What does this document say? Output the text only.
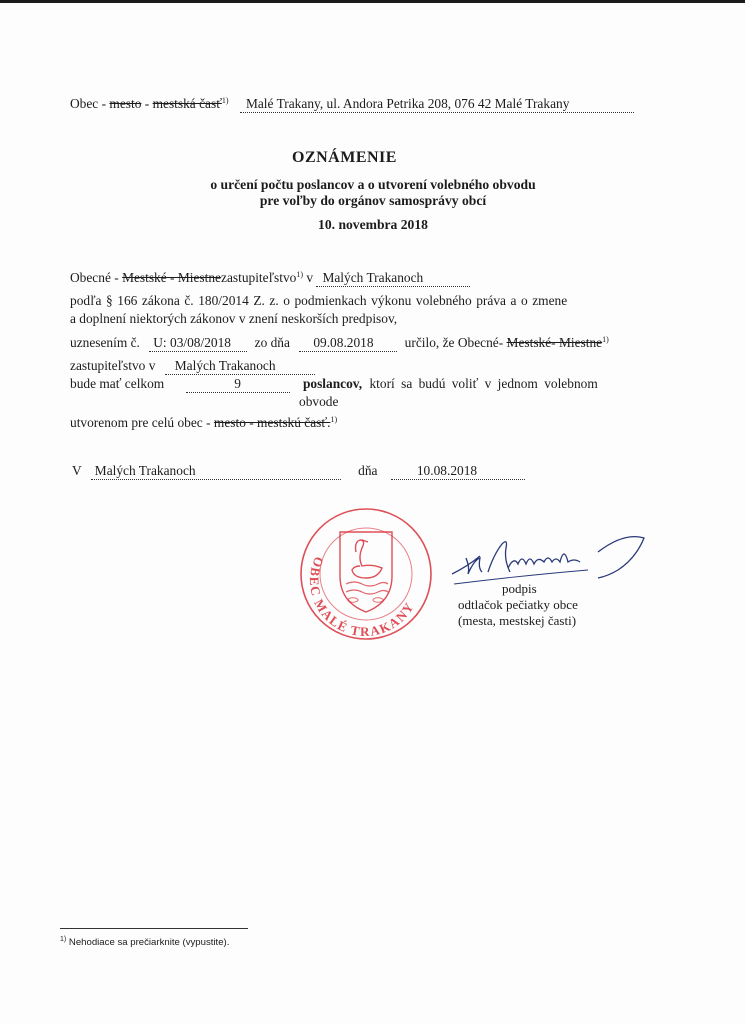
Obec - mesto - mestská časť$^{1)}$ Malé Trakany, ul. Andora Petrika 208, 076 42 Malé Trakany
OZNÁMENIE
o určení počtu poslancov a o utvorení volebného obvodu
pre voľby do orgánov samosprávy obcí
10. novembra 2018
Obecné - Mestské - Miestnezastupiteľstvo$^{1)}$ v Malých Trakanoch
podľa § 166 zákona č. 180/2014 Z. z. o podmienkach výkonu volebného práva a o zmene
a doplnení niektorých zákonov v znení neskorších predpisov,
uznesením č. U: 03/08/2018 zo dňa 09.08.2018 určilo, že Obecné- Mestské- Miestne$^{1)}$
zastupiteľstvo v Malých Trakanoch
bude mať celkom	9	poslancov, ktorí sa budú voliť v jednom volebnom
obvode
utvorenom pre celú obec - mesto - mestskú časť.$^{1)}$
V Malých Trakanoch	dňa	10.08.2018
OBEC MALÉ TRAKANY
podpis
odtlačok pečiatky obce
(mesta, mestskej časti)
$^{1)}$ Nehodiace sa prečiarknite (vypustite).
